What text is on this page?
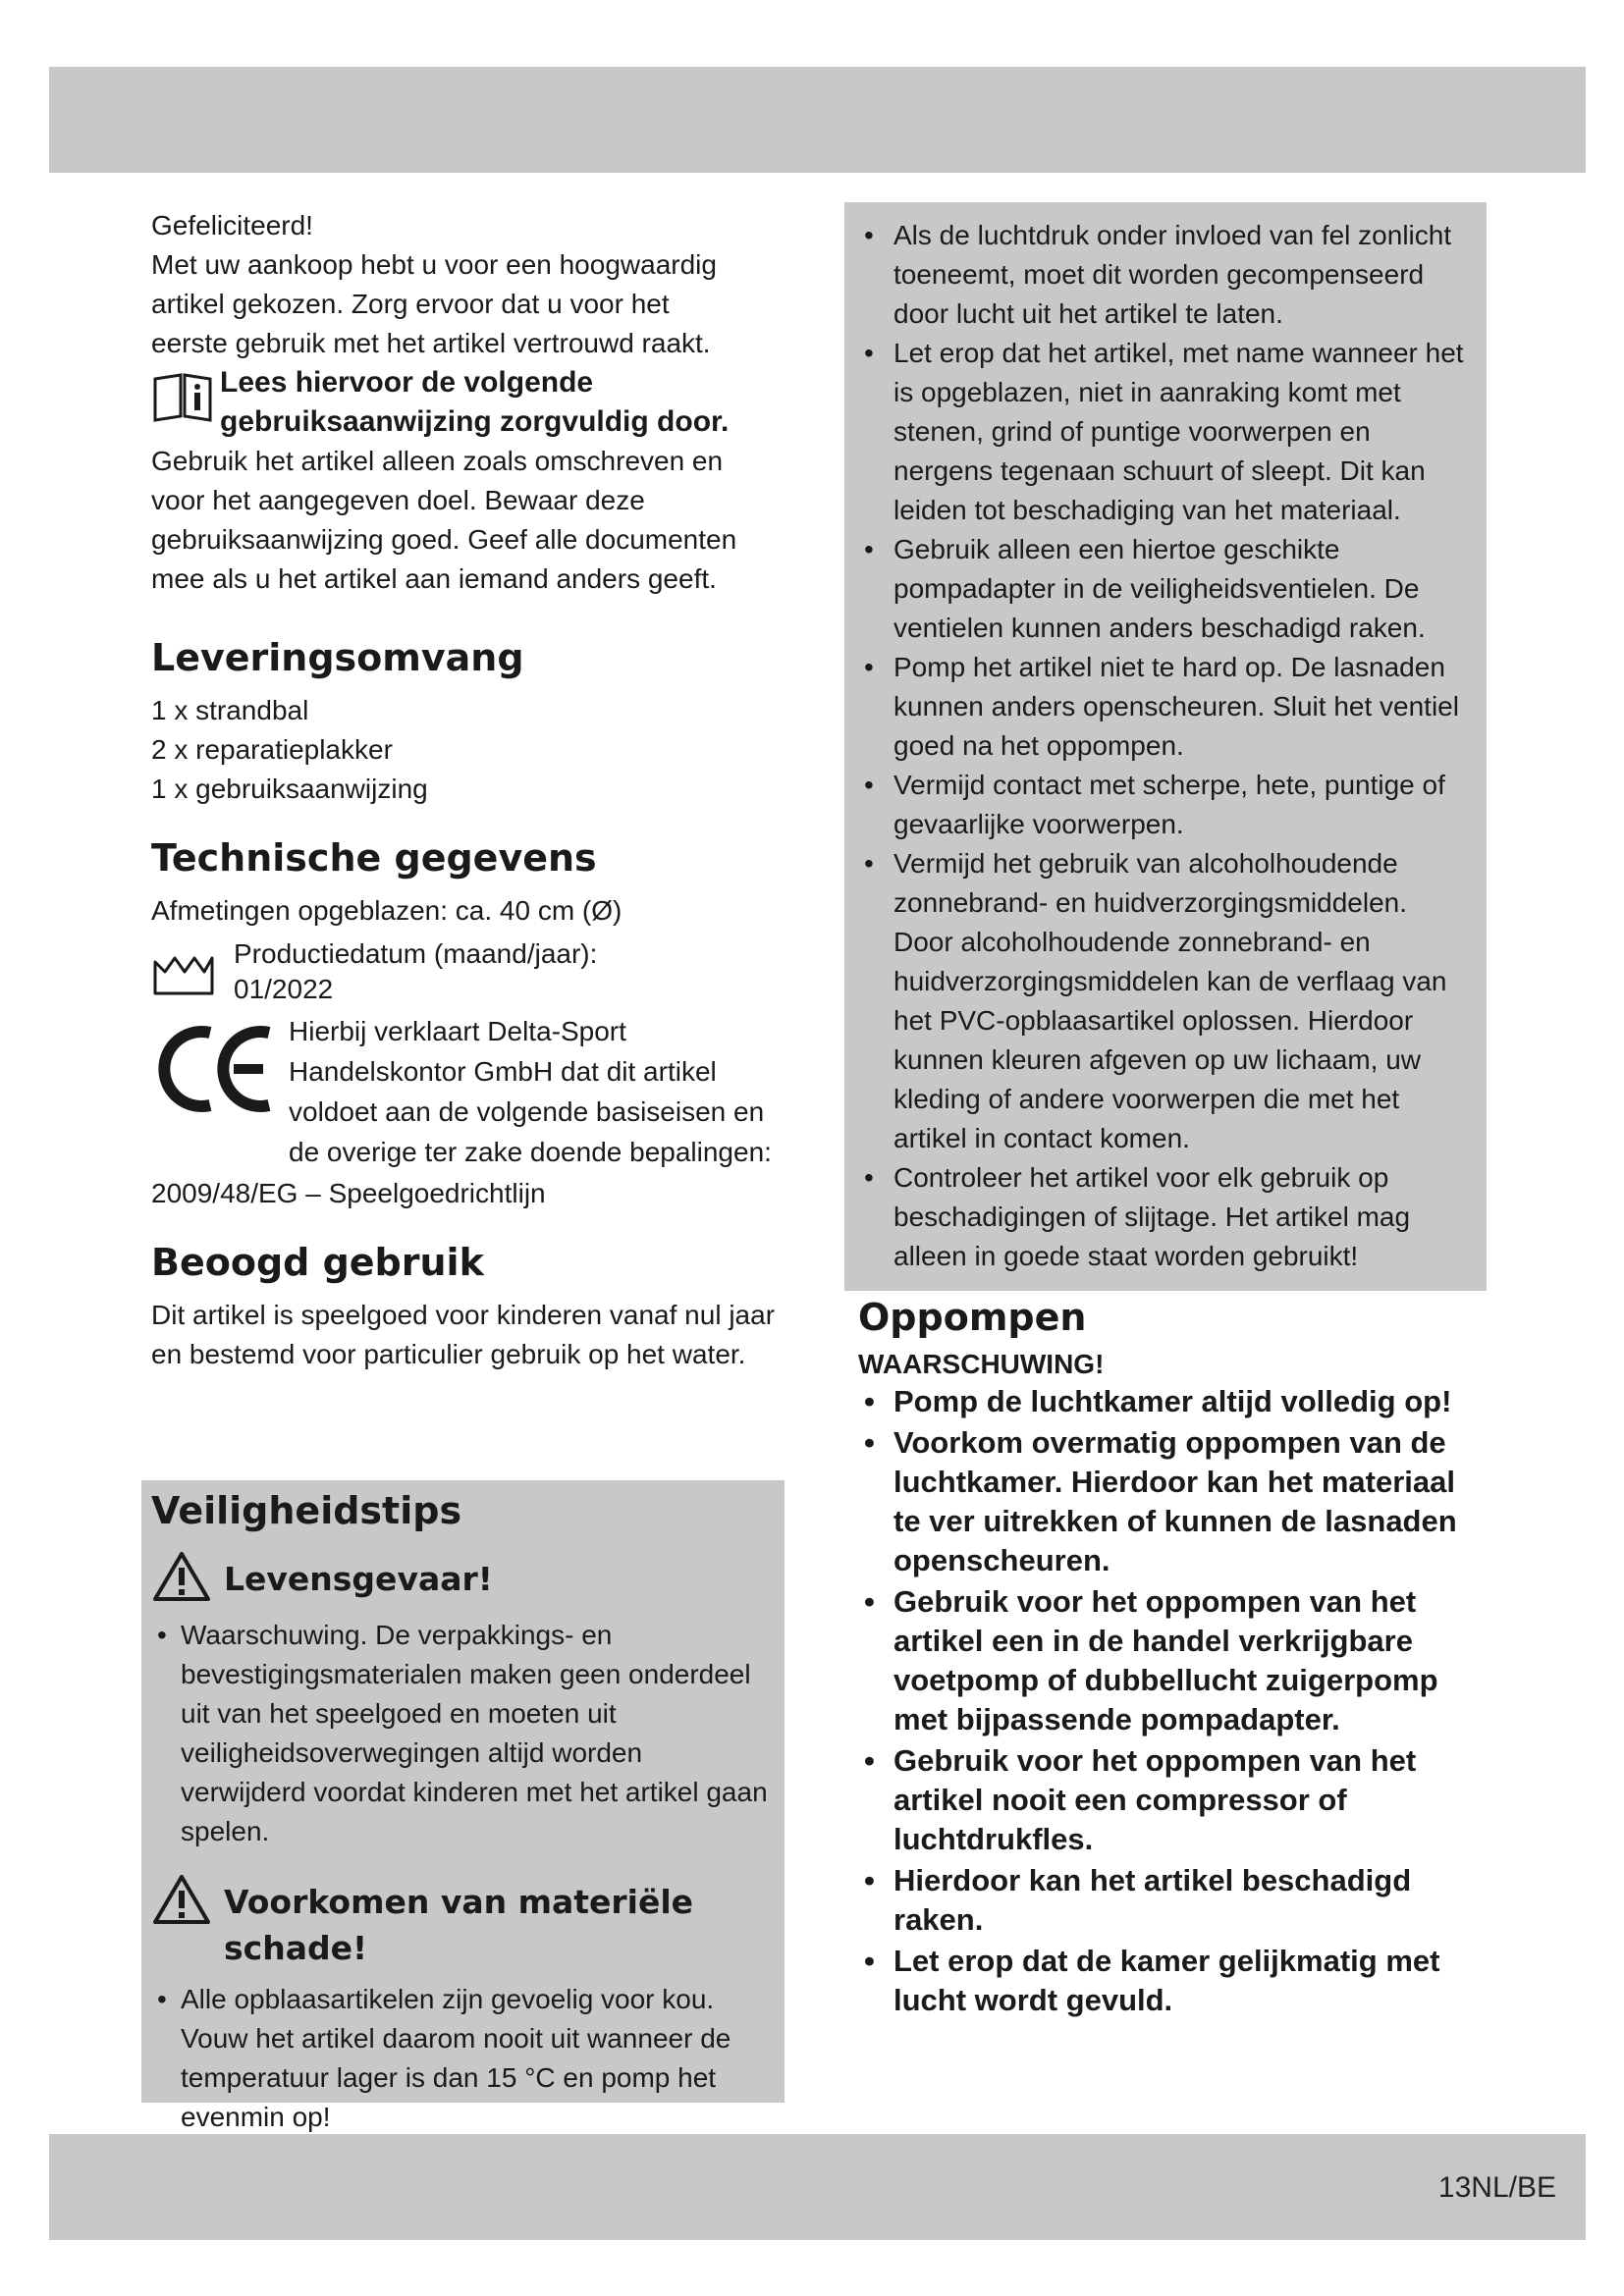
13NL/BE

Gefeliciteerd!

Met uw aankoop hebt u voor een hoogwaardig

artikel gekozen. Zorg ervoor dat u voor het

eerste gebruik met het artikel vertrouwd raakt.

Lees hiervoor de volgende gebruiksaanwijzing zorgvuldig door.

Gebruik het artikel alleen zoals omschreven en voor het aangegeven doel. Bewaar deze gebruiksaanwijzing goed. Geef alle documenten mee als u het artikel aan iemand anders geeft.

Leveringsomvang

1 x strandbal

2 x reparatieplakker

1 x gebruiksaanwijzing

Technische gegevens

Afmetingen opgeblazen: ca. 40 cm (Ø)

Productiedatum (maand/jaar):
01/2022
Hierbij verklaart Delta-Sport Handelskontor GmbH dat dit artikel voldoet aan de volgende basiseisen en de overige ter zake doende bepalingen:

2009/48/EG – Speelgoedrichtlijn

Beoogd gebruik

Dit artikel is speelgoed voor kinderen vanaf nul jaar en bestemd voor particulier gebruik op het water.

Veiligheidstips
Levensgevaar!
• Waarschuwing. De verpakkings- en bevestigingsmaterialen maken geen onderdeel uit van het speelgoed en moeten uit veiligheidsoverwegingen altijd worden verwijderd voordat kinderen met het artikel gaan spelen.
Voorkomen van materiële
schade!
• Alle opblaasartikelen zijn gevoelig voor kou. Vouw het artikel daarom nooit uit wanneer de temperatuur lager is dan 15 °C en pomp het evenmin op!
• Als de luchtdruk onder invloed van fel zonlicht toeneemt, moet dit worden gecompenseerd door lucht uit het artikel te laten.
• Let erop dat het artikel, met name wanneer het is opgeblazen, niet in aanraking komt met stenen, grind of puntige voorwerpen en nergens tegenaan schuurt of sleept. Dit kan leiden tot beschadiging van het materiaal.
• Gebruik alleen een hiertoe geschikte pompadapter in de veiligheidsventielen. De ventielen kunnen anders beschadigd raken.
• Pomp het artikel niet te hard op. De lasnaden kunnen anders openscheuren. Sluit het ventiel goed na het oppompen.
• Vermijd contact met scherpe, hete, puntige of gevaarlijke voorwerpen.
• Vermijd het gebruik van alcoholhoudende zonnebrand- en huidverzorgingsmiddelen. Door alcoholhoudende zonnebrand- en huidverzorgingsmiddelen kan de verflaag van het PVC-opblaasartikel oplossen. Hierdoor kunnen kleuren afgeven op uw lichaam, uw kleding of andere voorwerpen die met het artikel in contact komen.
• Controleer het artikel voor elk gebruik op beschadigingen of slijtage. Het artikel mag alleen in goede staat worden gebruikt!
Oppompen

WAARSCHUWING!

• Pomp de luchtkamer altijd volledig op!
• Voorkom overmatig oppompen van de luchtkamer. Hierdoor kan het materiaal te ver uitrekken of kunnen de lasnaden openscheuren.
• Gebruik voor het oppompen van het artikel een in de handel verkrijgbare voetpomp of dubbellucht zuigerpomp met bijpassende pompadapter.
• Gebruik voor het oppompen van het artikel nooit een compressor of luchtdrukfles.
• Hierdoor kan het artikel beschadigd raken.
• Let erop dat de kamer gelijkmatig met lucht wordt gevuld.
